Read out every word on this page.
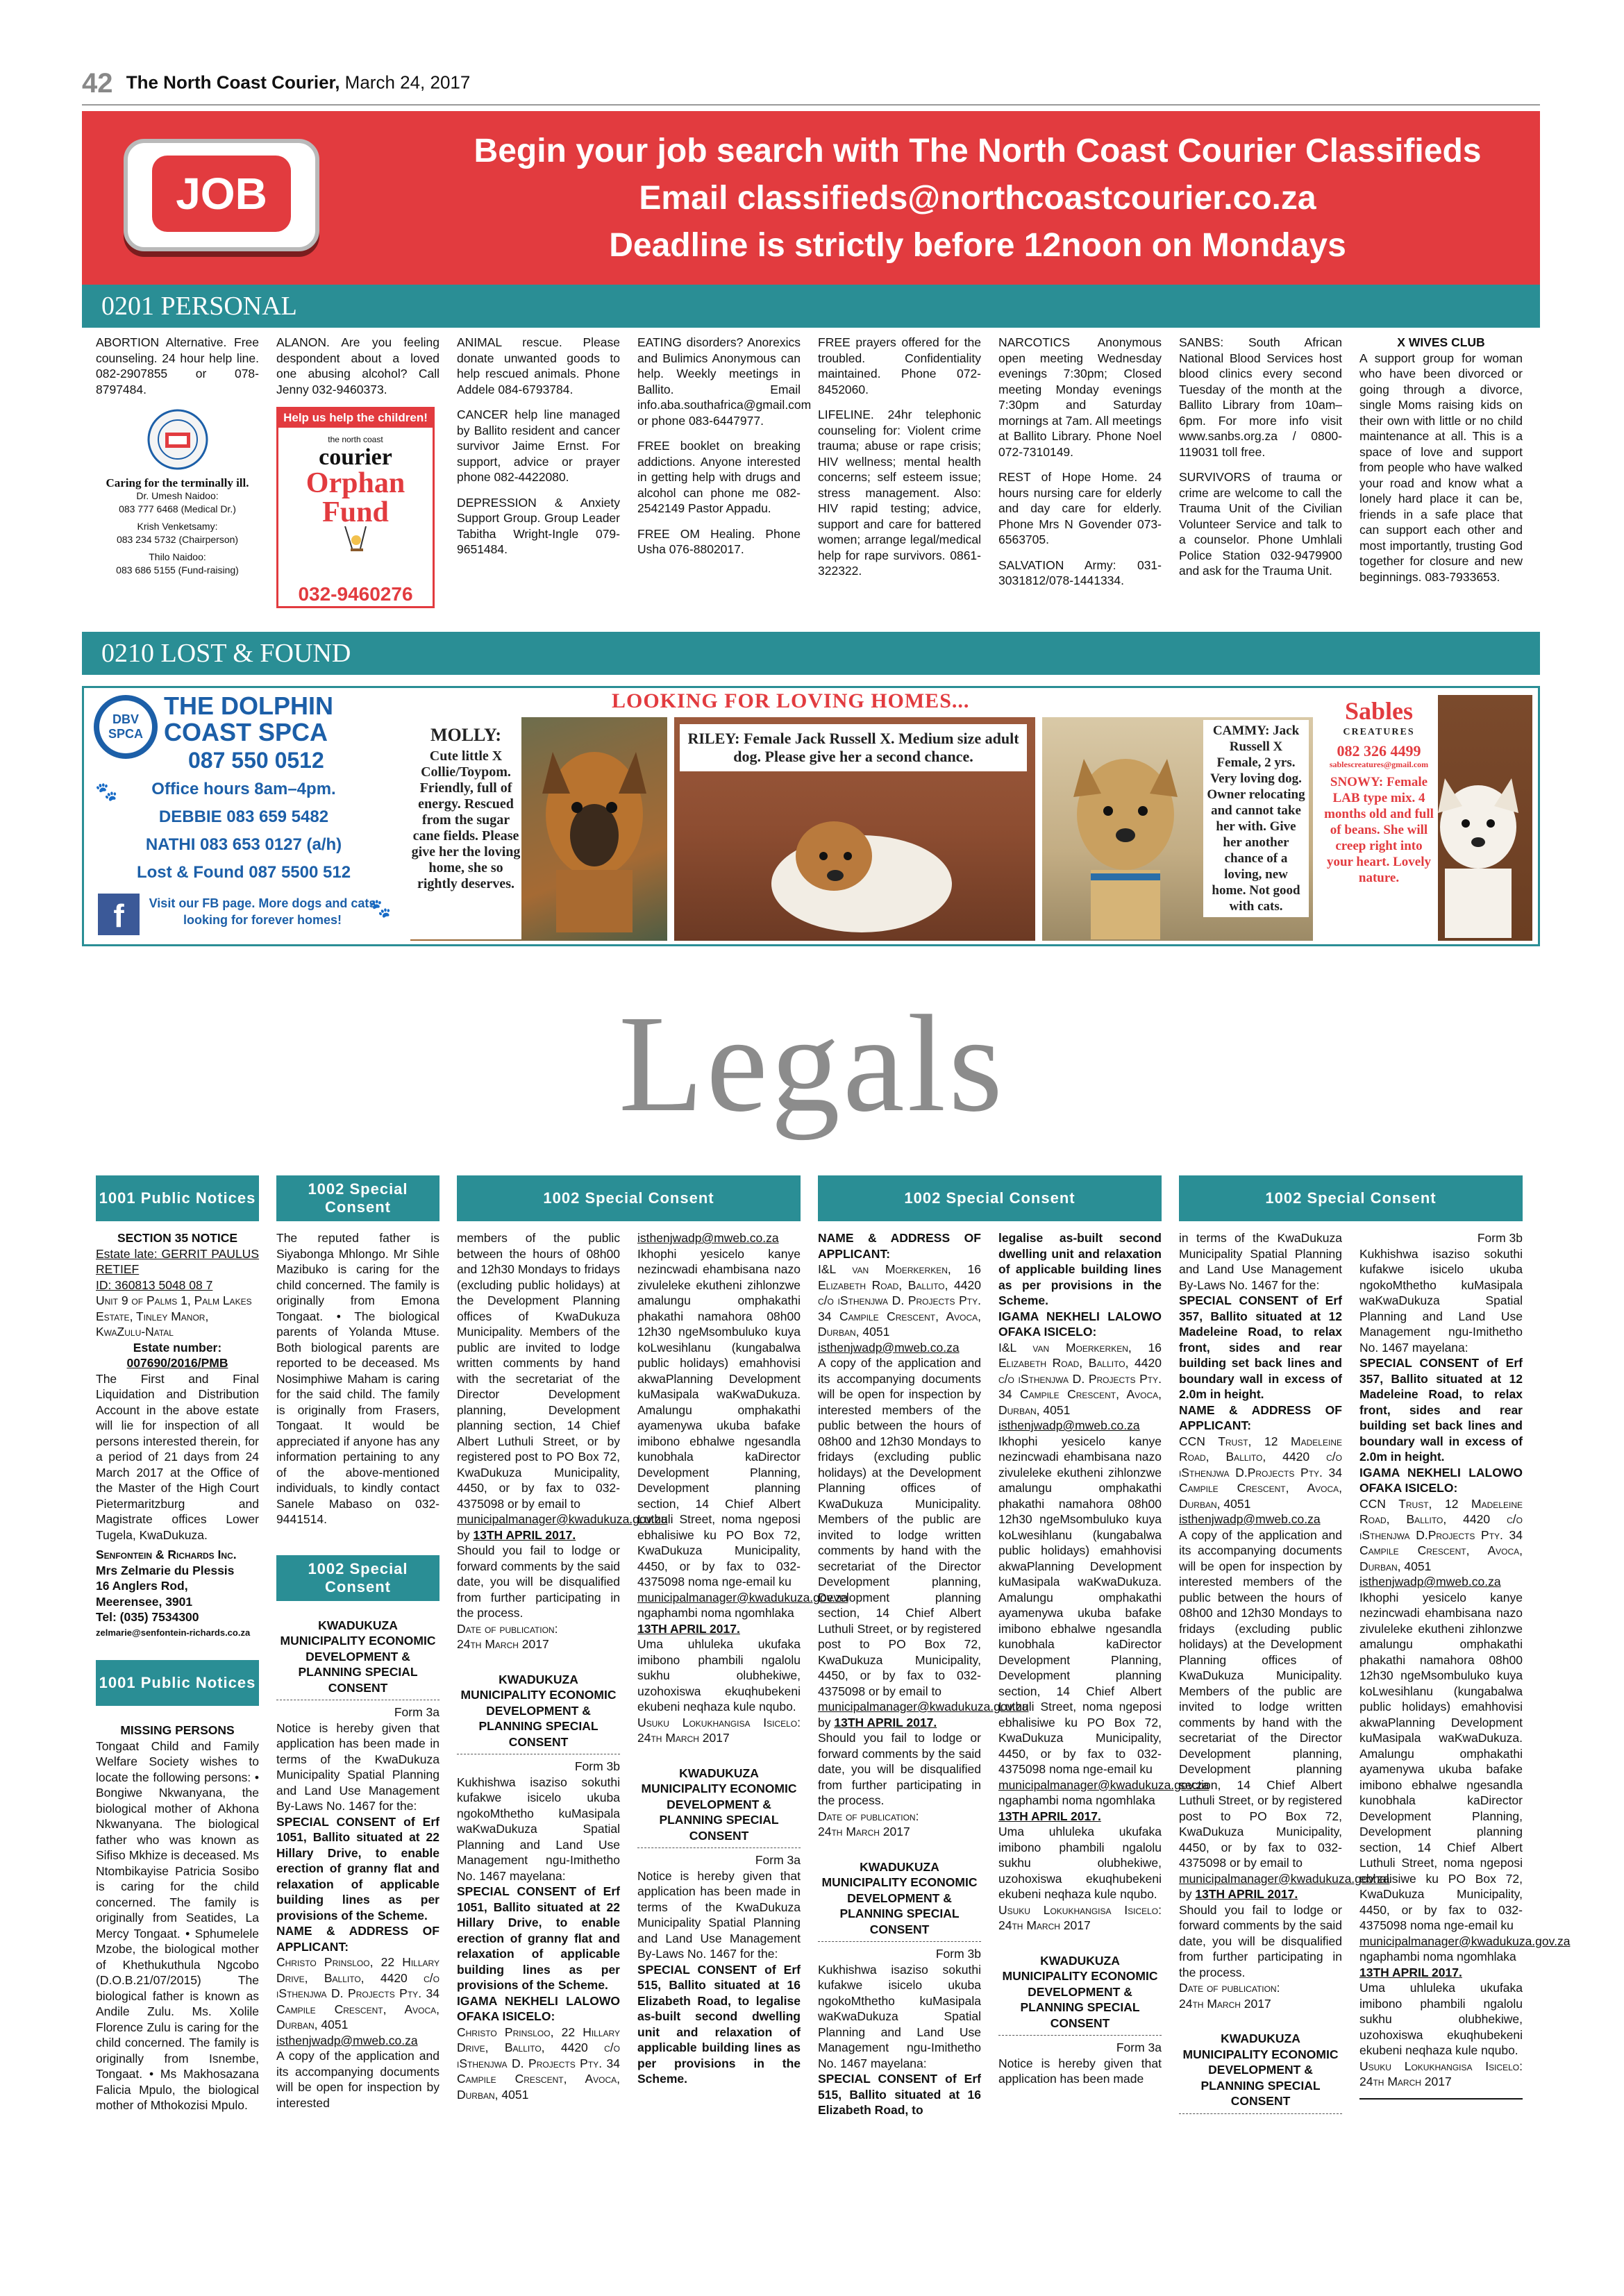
42 The North Coast Courier, March 24, 2017
JOB
Begin your job search with The North Coast Courier Classifieds
Email classifieds@northcoastcourier.co.za
Deadline is strictly before 12noon on Mondays
0201 PERSONAL

ABORTION Alternative. Free counseling. 24 hour help line. 082-2907855 or 078-8797484.

Caring for the terminally ill.
Dr. Umesh Naidoo:
083 777 6468 (Medical Dr.)
Krish Venketsamy:
083 234 5732 (Chairperson)
Thilo Naidoo:
083 686 5155 (Fund-raising)

ALANON. Are you feeling despondent about a loved one abusing alcohol? Call Jenny 032-9460373.

Help us help the children!
the north coast
courier
Orphan
Fund
032-9460276

ANIMAL rescue. Please donate unwanted goods to help rescued animals. Phone Addele 084-6793784.

CANCER help line managed by Ballito resident and cancer survivor Jaime Ernst. For support, advice or prayer phone 082-4422080.

DEPRESSION & Anxiety Support Group. Group Leader Tabitha Wright-Ingle 079-9651484.

EATING disorders? Anorexics and Bulimics Anonymous can help. Weekly meetings in Ballito. Email info.aba.southafrica@gmail.com or phone 083-6447977.

FREE booklet on breaking addictions. Anyone interested in getting help with drugs and alcohol can phone me 082-2542149 Pastor Appadu.

FREE OM Healing. Phone Usha 076-8802017.

FREE prayers offered for the troubled. Confidentiality maintained. Phone 072-8452060.

LIFELINE. 24hr telephonic counseling for: Violent crime trauma; abuse or rape crisis; HIV wellness; mental health concerns; self esteem issue; stress management. Also: HIV rapid testing; advice, support and care for battered women; arrange legal/medical help for rape survivors. 0861-322322.

NARCOTICS Anonymous open meeting Wednesday evenings 7:30pm; Closed meeting Monday evenings 7:30pm and Saturday mornings at 7am. All meetings at Ballito Library. Phone Noel 072-7310149.

REST of Hope Home. 24 hours nursing care for elderly and day care for elderly. Phone Mrs N Govender 073-6563705.

SALVATION Army: 031-3031812/078-1441334.

SANBS: South African National Blood Services host blood clinics every second Tuesday of the month at the Ballito Library from 10am–6pm. For more info visit www.sanbs.org.za / 0800-119031 toll free.

SURVIVORS of trauma or crime are welcome to call the Trauma Unit of the Civilian Volunteer Service and talk to a counselor. Phone Umhlali Police Station 032-9479900 and ask for the Trauma Unit.

X WIVES CLUB

A support group for woman who have been divorced or going through a divorce, single Moms raising kids on their own with little or no child maintenance at all. This is a space of love and support from people who have walked your road and know what a lonely hard place it can be, friends in a safe place that can support each other and most importantly, trusting God together for closure and new beginnings. 083-7933653.

0210 LOST & FOUND
DBV
SPCA
THE DOLPHIN
COAST SPCA
087 550 0512
Office hours 8am–4pm.
DEBBIE 083 659 5482
NATHI 083 653 0127 (a/h)
Lost & Found 087 5500 512
f	Visit our FB page. More dogs and cats looking for forever homes!
🐾
🐾
LOOKING FOR LOVING HOMES...
MOLLY:
Cute little X Collie/Toypom. Friendly, full of energy. Rescued from the sugar cane fields. Please give her the loving home, she so rightly deserves.
RILEY: Female Jack Russell X. Medium size adult dog. Please give her a second chance.
CAMMY: Jack Russell X Female, 2 yrs. Very loving dog. Owner relocating and cannot take her with. Give her another chance of a loving, new home. Not good with cats.
Sables
CREATURES
082 326 4499
sablescreatures@gmail.com
SNOWY: Female LAB type mix. 4 months old and full of beans. She will creep right into your heart. Lovely nature.
Legals
1001 Public Notices
1002 Special Consent
1002 Special Consent	1002 Special Consent	1002 Special Consent
SECTION 35 NOTICE
Estate late: GERRIT PAULUS RETIEF
ID: 360813 5048 08 7
Unit 9 of Palms 1, Palm Lakes Estate, Tinley Manor, KwaZulu-Natal
Estate number:
007690/2016/PMB

The First and Final Liquidation and Distribution Account in the above estate will lie for inspection of all persons interested therein, for a period of 21 days from 24 March 2017 at the Office of the Master of the High Court Pietermaritzburg and Magistrate offices Lower Tugela, KwaDukuza.

Senfontein & Richards Inc.
Mrs Zelmarie du Plessis
16 Anglers Rod,
Meerensee, 3901
Tel: (035) 7534300
zelmarie@senfontein-richards.co.za
1001 Public Notices
MISSING PERSONS

Tongaat Child and Family Welfare Society wishes to locate the following persons: • Bongiwe Nkwanyana, the biological mother of Akhona Nkwanyana. The biological father who was known as Sifiso Mkhize is deceased. Ms Ntombikayise Patricia Sosibo is caring for the child concerned. The family is originally from Seatides, La Mercy Tongaat. • Sphumelele Mzobe, the biological mother of Khethukuthula Ngcobo (D.O.B.21/07/2015) The biological father is known as Andile Zulu. Ms. Xolile Florence Zulu is caring for the child concerned. The family is originally from Isnembe, Tongaat. • Ms Makhosazana Falicia Mpulo, the biological mother of Mthokozisi Mpulo.

The reputed father is Siyabonga Mhlongo. Mr Sihle Mazibuko is caring for the child concerned. The family is originally from Emona Tongaat. • The biological parents of Yolanda Mtuse. Both biological parents are reported to be deceased. Ms Nosimphiwe Maham is caring for the said child. The family is originally from Frasers, Tongaat. It would be appreciated if anyone has any information pertaining to any of the above-mentioned individuals, to kindly contact Sanele Mabaso on 032-9441514.

1002 Special Consent
KWADUKUZA MUNICIPALITY ECONOMIC DEVELOPMENT & PLANNING SPECIAL CONSENT
Form 3a
Notice is hereby given that application has been made in terms of the KwaDukuza Municipality Spatial Planning and Land Use Management By-Laws No. 1467 for the:
SPECIAL CONSENT of Erf 1051, Ballito situated at 22 Hillary Drive, to enable erection of granny flat and relaxation of applicable building lines as per provisions of the Scheme.
NAME & ADDRESS OF APPLICANT:
Christo Prinsloo, 22 Hillary Drive, Ballito, 4420 c/o iSthenjwa D. Projects Pty. 34 Campile Crescent, Avoca, Durban, 4051
isthenjwadp@mweb.co.za
A copy of the application and its accompanying documents will be open for inspection by interested
members of the public between the hours of 08h00 and 12h30 Mondays to fridays (excluding public holidays) at the Development Planning offices of KwaDukuza Municipality. Members of the public are invited to lodge written comments by hand with the secretariat of the Director Development planning, Development planning section, 14 Chief Albert Luthuli Street, or by registered post to PO Box 72, KwaDukuza Municipality, 4450, or by fax to 032-4375098 or by email to
municipalmanager@kwadukuza.gov.za
by 13TH APRIL 2017.
Should you fail to lodge or forward comments by the said date, you will be disqualified from further participating in the process.
Date of publication:
24th March 2017
KWADUKUZA MUNICIPALITY ECONOMIC DEVELOPMENT & PLANNING SPECIAL CONSENT
Form 3b
Kukhishwa isaziso sokuthi kufakwe isicelo ukuba ngokoMthetho kuMasipala waKwaDukuza Spatial Planning and Land Use Management ngu-Imithetho No. 1467 mayelana:
SPECIAL CONSENT of Erf 1051, Ballito situated at 22 Hillary Drive, to enable erection of granny flat and relaxation of applicable building lines as per provisions of the Scheme.
IGAMA NEKHELI LALOWO OFAKA ISICELO:
Christo Prinsloo, 22 Hillary Drive, Ballito, 4420 c/o iSthenjwa D. Projects Pty. 34 Campile Crescent, Avoca, Durban, 4051
isthenjwadp@mweb.co.za
Ikhophi yesicelo kanye nezincwadi ehambisana nazo zivuleleke ekutheni zihlonzwe amalungu omphakathi phakathi namahora 08h00 12h30 ngeMsombuluko kuya koLwesihlanu (kungabalwa public holidays) emahhovisi akwaPlanning Development kuMasipala waKwaDukuza. Amalungu omphakathi ayamenywa ukuba bafake imibono ebhalwe ngesandla kunobhala kaDirector Development Planning, Development planning section, 14 Chief Albert Luthuli Street, noma ngeposi ebhalisiwe ku PO Box 72, KwaDukuza Municipality, 4450, or by fax to 032-4375098 noma nge-email ku
municipalmanager@kwadukuza.gov.za
ngaphambi noma ngomhlaka
13TH APRIL 2017.
Uma uhluleka ukufaka imibono phambili ngalolu sukhu olubhekiwe, uzohoxiswa ekuqhubekeni ekubeni neqhaza kule nqubo.
Usuku Lokukhangisa Isicelo: 24th March 2017
KWADUKUZA MUNICIPALITY ECONOMIC DEVELOPMENT & PLANNING SPECIAL CONSENT
Form 3a
Notice is hereby given that application has been made in terms of the KwaDukuza Municipality Spatial Planning and Land Use Management By-Laws No. 1467 for the:
SPECIAL CONSENT of Erf 515, Ballito situated at 16 Elizabeth Road, to legalise as-built second dwelling unit and relaxation of applicable building lines as per provisions in the Scheme.
NAME & ADDRESS OF APPLICANT:
I&L van Moerkerken, 16 Elizabeth Road, Ballito, 4420 c/o iSthenjwa D. Projects Pty. 34 Campile Crescent, Avoca, Durban, 4051
isthenjwadp@mweb.co.za
A copy of the application and its accompanying documents will be open for inspection by interested members of the public between the hours of 08h00 and 12h30 Mondays to fridays (excluding public holidays) at the Development Planning offices of KwaDukuza Municipality. Members of the public are invited to lodge written comments by hand with the secretariat of the Director Development planning, Development planning section, 14 Chief Albert Luthuli Street, or by registered post to PO Box 72, KwaDukuza Municipality, 4450, or by fax to 032-4375098 or by email to
municipalmanager@kwadukuza.gov.za
by 13TH APRIL 2017.
Should you fail to lodge or forward comments by the said date, you will be disqualified from further participating in the process.
Date of publication:
24th March 2017
KWADUKUZA MUNICIPALITY ECONOMIC DEVELOPMENT & PLANNING SPECIAL CONSENT
Form 3b
Kukhishwa isaziso sokuthi kufakwe isicelo ukuba ngokoMthetho kuMasipala waKwaDukuza Spatial Planning and Land Use Management ngu-Imithetho No. 1467 mayelana:
SPECIAL CONSENT of Erf 515, Ballito situated at 16 Elizabeth Road, to
legalise as-built second dwelling unit and relaxation of applicable building lines as per provisions in the Scheme.
IGAMA NEKHELI LALOWO OFAKA ISICELO:
I&L van Moerkerken, 16 Elizabeth Road, Ballito, 4420 c/o iSthenjwa D. Projects Pty. 34 Campile Crescent, Avoca, Durban, 4051
isthenjwadp@mweb.co.za
Ikhophi yesicelo kanye nezincwadi ehambisana nazo zivuleleke ekutheni zihlonzwe amalungu omphakathi phakathi namahora 08h00 12h30 ngeMsombuluko kuya koLwesihlanu (kungabalwa public holidays) emahhovisi akwaPlanning Development kuMasipala waKwaDukuza. Amalungu omphakathi ayamenywa ukuba bafake imibono ebhalwe ngesandla kunobhala kaDirector Development Planning, Development planning section, 14 Chief Albert Luthuli Street, noma ngeposi ebhalisiwe ku PO Box 72, KwaDukuza Municipality, 4450, or by fax to 032-4375098 noma nge-email ku
municipalmanager@kwadukuza.gov.za
ngaphambi noma ngomhlaka
13TH APRIL 2017.
Uma uhluleka ukufaka imibono phambili ngalolu sukhu olubhekiwe, uzohoxiswa ekuqhubekeni ekubeni neqhaza kule nqubo.
Usuku Lokukhangisa Isicelo: 24th March 2017
KWADUKUZA MUNICIPALITY ECONOMIC DEVELOPMENT & PLANNING SPECIAL CONSENT
Form 3a
Notice is hereby given that application has been made
in terms of the KwaDukuza Municipality Spatial Planning and Land Use Management By-Laws No. 1467 for the:
SPECIAL CONSENT of Erf 357, Ballito situated at 12 Madeleine Road, to relax front, sides and rear building set back lines and boundary wall in excess of 2.0m in height.
NAME & ADDRESS OF APPLICANT:
CCN Trust, 12 Madeleine Road, Ballito, 4420 c/o iSthenjwa D.Projects Pty. 34 Campile Crescent, Avoca, Durban, 4051
isthenjwadp@mweb.co.za
A copy of the application and its accompanying documents will be open for inspection by interested members of the public between the hours of 08h00 and 12h30 Mondays to fridays (excluding public holidays) at the Development Planning offices of KwaDukuza Municipality. Members of the public are invited to lodge written comments by hand with the secretariat of the Director Development planning, Development planning section, 14 Chief Albert Luthuli Street, or by registered post to PO Box 72, KwaDukuza Municipality, 4450, or by fax to 032-4375098 or by email to
municipalmanager@kwadukuza.gov.za
by 13TH APRIL 2017.
Should you fail to lodge or forward comments by the said date, you will be disqualified from further participating in the process.
Date of publication:
24th March 2017
KWADUKUZA MUNICIPALITY ECONOMIC DEVELOPMENT & PLANNING SPECIAL CONSENT
Form 3b
Kukhishwa isaziso sokuthi kufakwe isicelo ukuba ngokoMthetho kuMasipala waKwaDukuza Spatial Planning and Land Use Management ngu-Imithetho No. 1467 mayelana:
SPECIAL CONSENT of Erf 357, Ballito situated at 12 Madeleine Road, to relax front, sides and rear building set back lines and boundary wall in excess of 2.0m in height.
IGAMA NEKHELI LALOWO OFAKA ISICELO:
CCN Trust, 12 Madeleine Road, Ballito, 4420 c/o iSthenjwa D.Projects Pty. 34 Campile Crescent, Avoca, Durban, 4051
isthenjwadp@mweb.co.za
Ikhophi yesicelo kanye nezincwadi ehambisana nazo zivuleleke ekutheni zihlonzwe amalungu omphakathi phakathi namahora 08h00 12h30 ngeMsombuluko kuya koLwesihlanu (kungabalwa public holidays) emahhovisi akwaPlanning Development kuMasipala waKwaDukuza. Amalungu omphakathi ayamenywa ukuba bafake imibono ebhalwe ngesandla kunobhala kaDirector Development Planning, Development planning section, 14 Chief Albert Luthuli Street, noma ngeposi ebhalisiwe ku PO Box 72, KwaDukuza Municipality, 4450, or by fax to 032-4375098 noma nge-email ku
municipalmanager@kwadukuza.gov.za
ngaphambi noma ngomhlaka
13TH APRIL 2017.
Uma uhluleka ukufaka imibono phambili ngalolu sukhu olubhekiwe, uzohoxiswa ekuqhubekeni ekubeni neqhaza kule nqubo.
Usuku Lokukhangisa Isicelo: 24th March 2017
